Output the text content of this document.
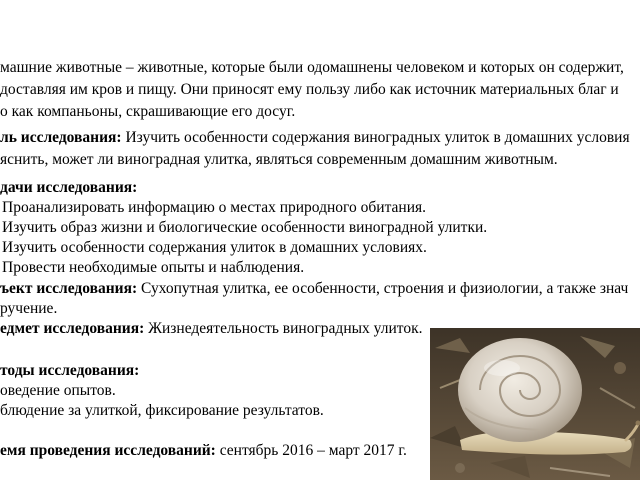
машние животные – животные, которые были одомашнены человеком и которых он содержит,
доставляя им кров и пищу. Они приносят ему пользу либо как источник материальных благ и
о как компаньоны, скрашивающие его досуг.
ль исследования: Изучить особенности содержания виноградных улиток в домашних условия
яснить, может ли виноградная улитка, являться современным домашним животным.
дачи исследования:
Проанализировать информацию о местах природного обитания.
Изучить образ жизни и биологические особенности виноградной улитки.
Изучить особенности содержания улиток в домашних условиях.
Провести необходимые опыты и наблюдения.
ъект исследования: Сухопутная улитка, ее особенности, строения и физиологии, а также знач
ручение.
едмет исследования: Жизнедеятельность виноградных улиток.
тоды исследования:
оведение опытов.
блюдение за улиткой, фиксирование результатов.
емя проведения исследований: сентябрь 2016 – март 2017 г.
